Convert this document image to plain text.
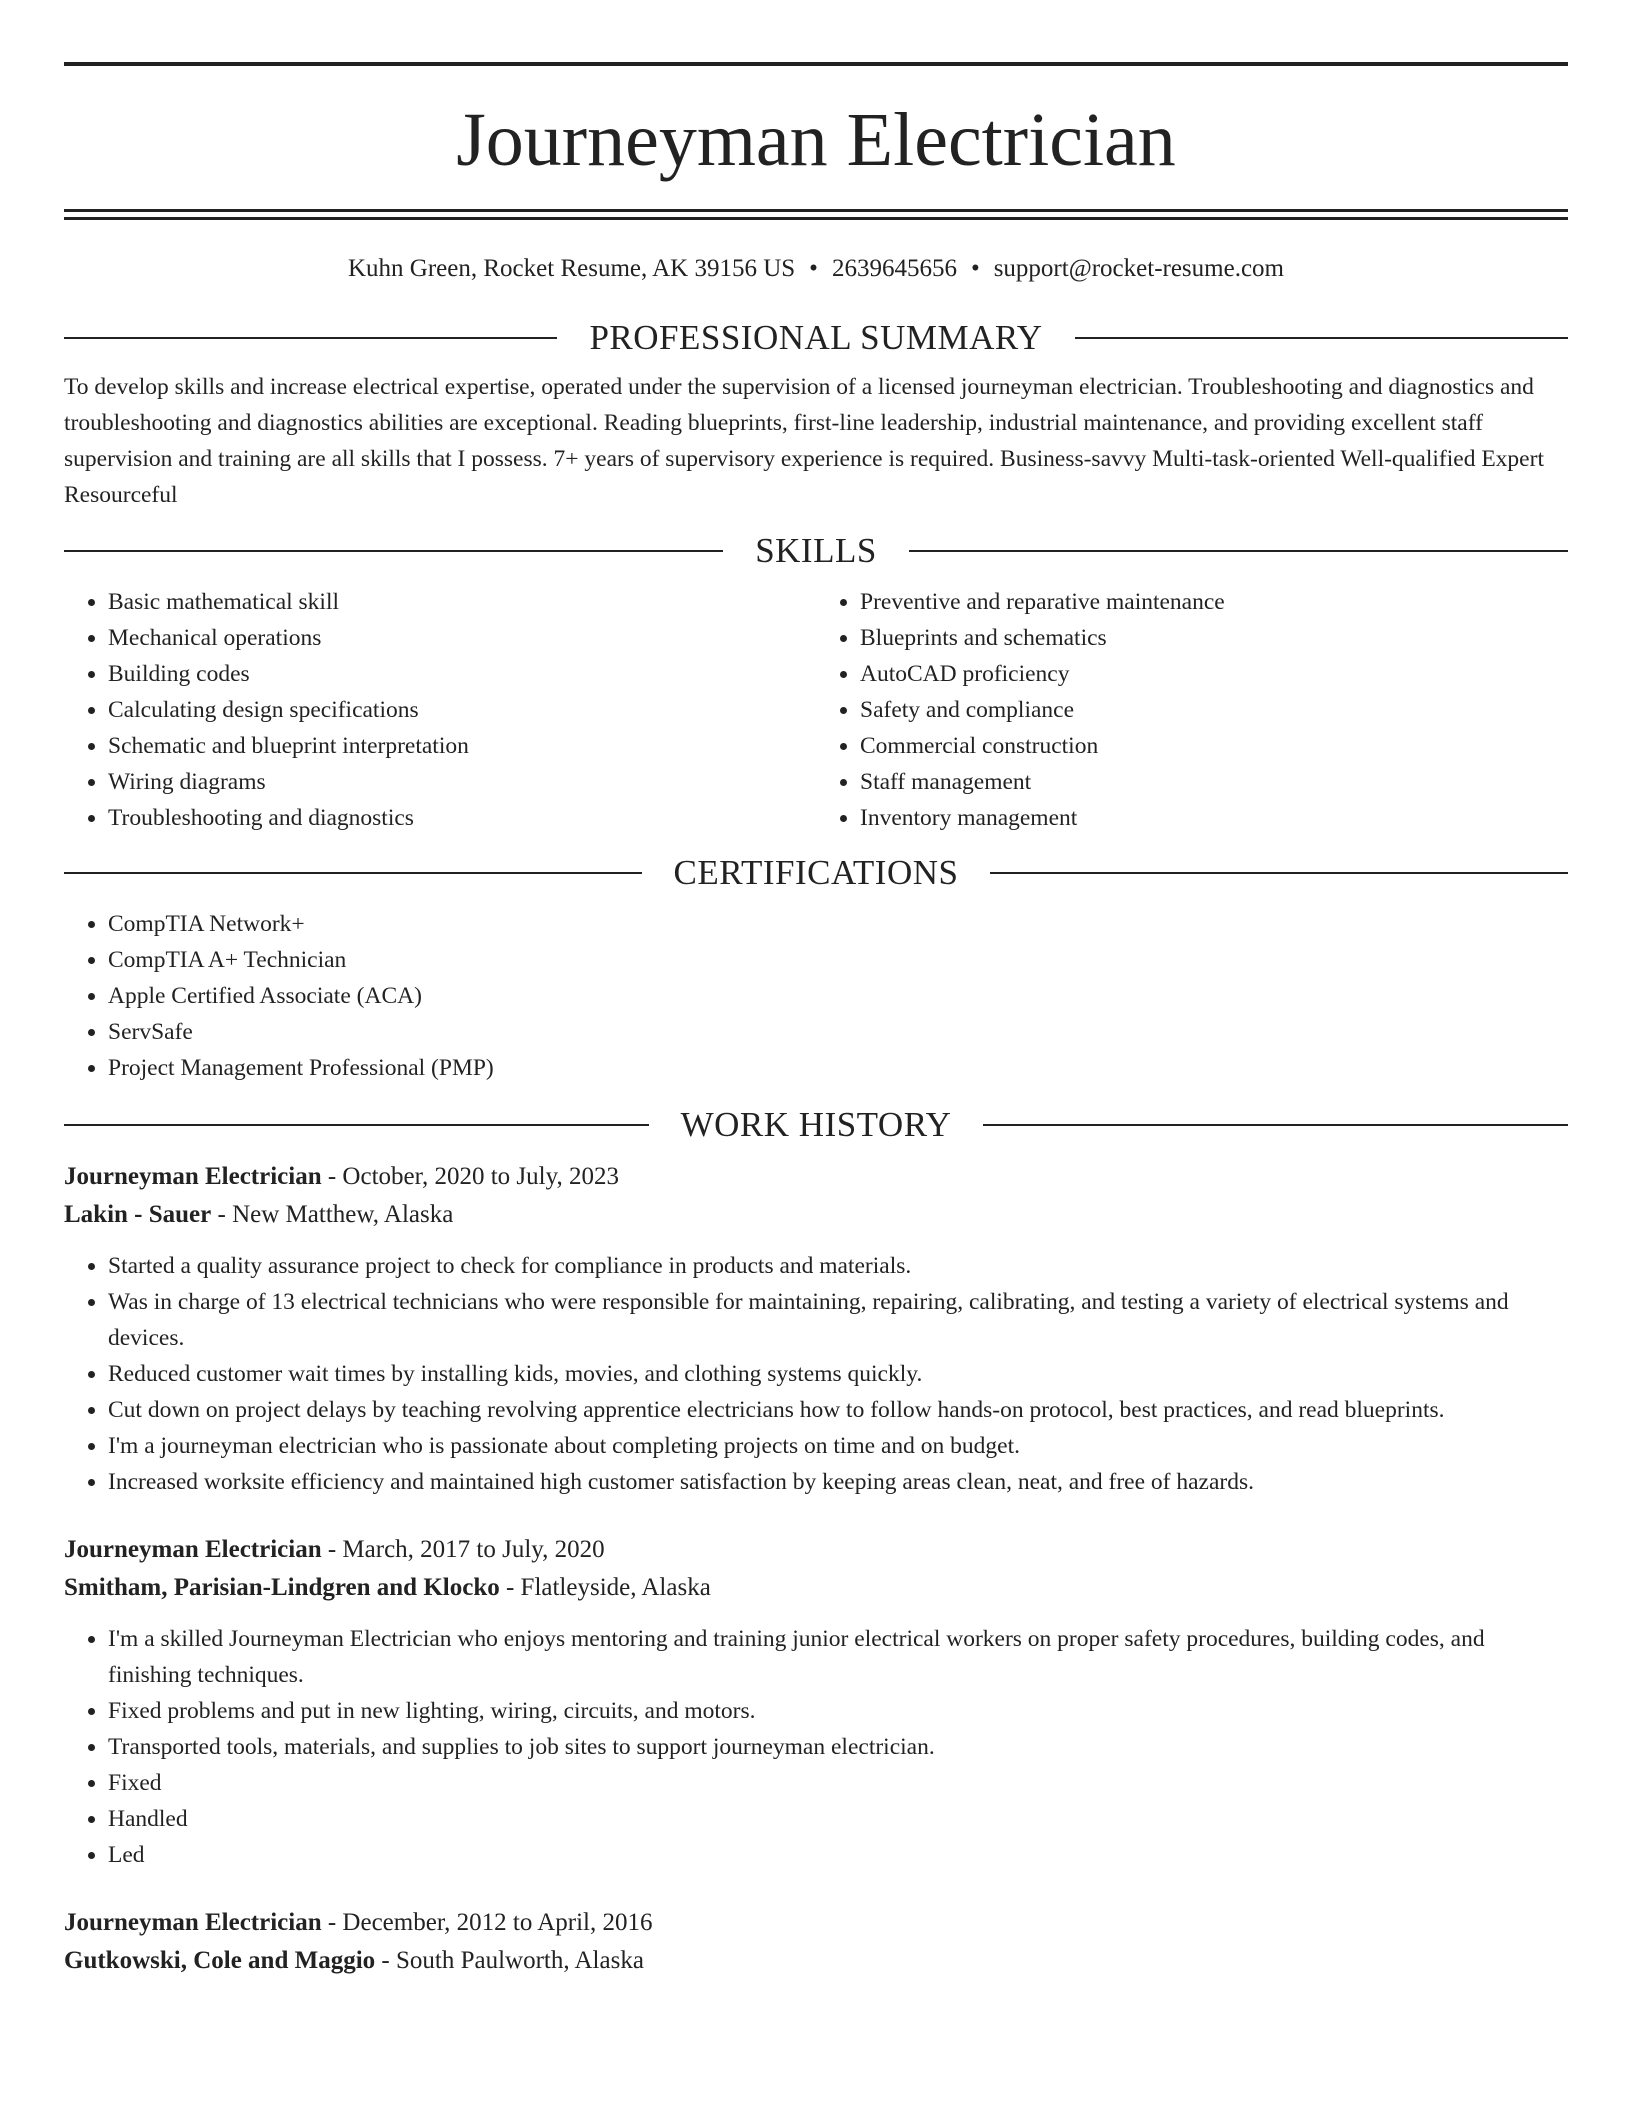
Journeyman Electrician
Kuhn Green, Rocket Resume, AK 39156 US • 2639645656 • support@rocket-resume.com
PROFESSIONAL SUMMARY

To develop skills and increase electrical expertise, operated under the supervision of a licensed journeyman electrician. Troubleshooting and diagnostics and troubleshooting and diagnostics abilities are exceptional. Reading blueprints, first-line leadership, industrial maintenance, and providing excellent staff supervision and training are all skills that I possess. 7+ years of supervisory experience is required. Business-savvy Multi-task-oriented Well-qualified Expert Resourceful

SKILLS
• Basic mathematical skill
• Mechanical operations
• Building codes
• Calculating design specifications
• Schematic and blueprint interpretation
• Wiring diagrams
• Troubleshooting and diagnostics
• Preventive and reparative maintenance
• Blueprints and schematics
• AutoCAD proficiency
• Safety and compliance
• Commercial construction
• Staff management
• Inventory management
CERTIFICATIONS
• CompTIA Network+
• CompTIA A+ Technician
• Apple Certified Associate (ACA)
• ServSafe
• Project Management Professional (PMP)
WORK HISTORY
Journeyman Electrician - October, 2020 to July, 2023
Lakin - Sauer - New Matthew, Alaska
• Started a quality assurance project to check for compliance in products and materials.
• Was in charge of 13 electrical technicians who were responsible for maintaining, repairing, calibrating, and testing a variety of electrical systems and devices.
• Reduced customer wait times by installing kids, movies, and clothing systems quickly.
• Cut down on project delays by teaching revolving apprentice electricians how to follow hands-on protocol, best practices, and read blueprints.
• I'm a journeyman electrician who is passionate about completing projects on time and on budget.
• Increased worksite efficiency and maintained high customer satisfaction by keeping areas clean, neat, and free of hazards.
Journeyman Electrician - March, 2017 to July, 2020
Smitham, Parisian-Lindgren and Klocko - Flatleyside, Alaska
• I'm a skilled Journeyman Electrician who enjoys mentoring and training junior electrical workers on proper safety procedures, building codes, and finishing techniques.
• Fixed problems and put in new lighting, wiring, circuits, and motors.
• Transported tools, materials, and supplies to job sites to support journeyman electrician.
• Fixed
• Handled
• Led
Journeyman Electrician - December, 2012 to April, 2016
Gutkowski, Cole and Maggio - South Paulworth, Alaska
